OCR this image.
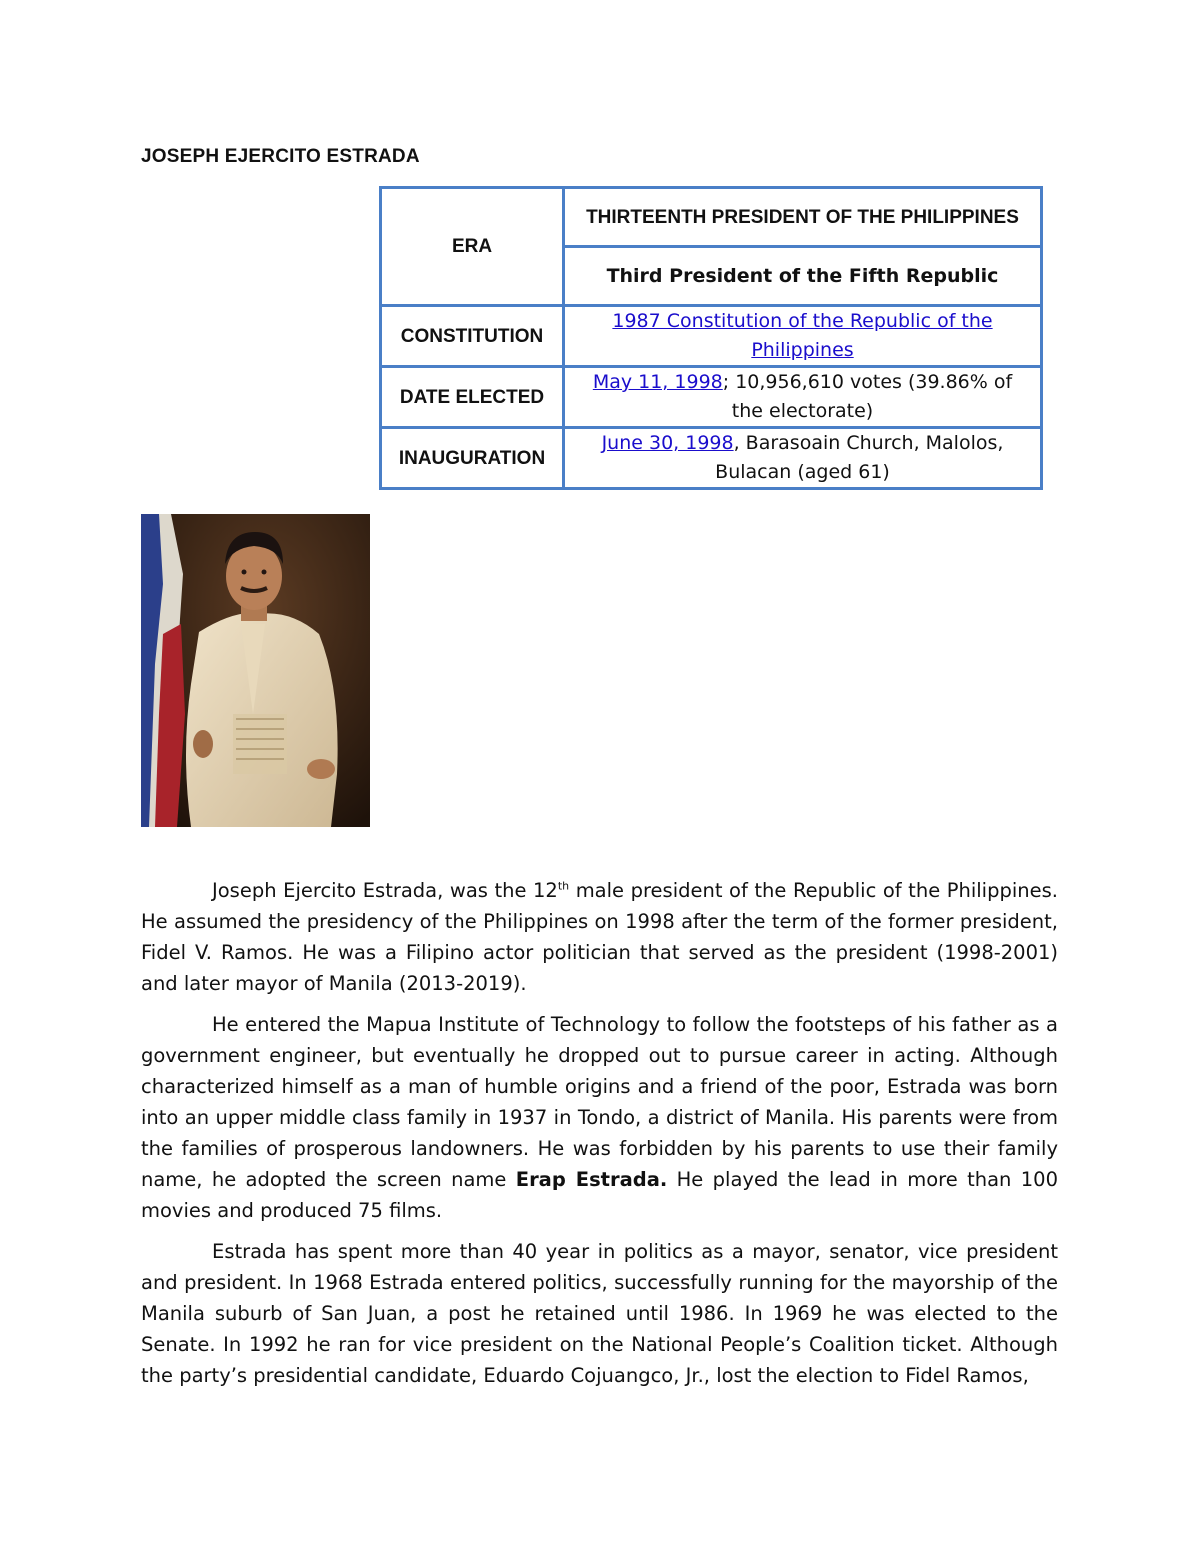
JOSEPH EJERCITO ESTRADA
ERA	THIRTEENTH PRESIDENT OF THE PHILIPPINES
	Third President of the Fifth Republic
CONSTITUTION	1987 Constitution of the Republic of the Philippines
DATE ELECTED	May 11, 1998; 10,956,610 votes (39.86% of the electorate)
INAUGURATION	June 30, 1998, Barasoain Church, Malolos, Bulacan (aged 61)

Joseph Ejercito Estrada, was the 12th male president of the Republic of the Philippines. He assumed the presidency of the Philippines on 1998 after the term of the former president, Fidel V. Ramos. He was a Filipino actor politician that served as the president (1998-2001) and later mayor of Manila (2013-2019).

He entered the Mapua Institute of Technology to follow the footsteps of his father as a government engineer, but eventually he dropped out to pursue career in acting. Although characterized himself as a man of humble origins and a friend of the poor, Estrada was born into an upper middle class family in 1937 in Tondo, a district of Manila. His parents were from the families of prosperous landowners. He was forbidden by his parents to use their family name, he adopted the screen name Erap Estrada. He played the lead in more than 100 movies and produced 75 films.

Estrada has spent more than 40 year in politics as a mayor, senator, vice president and president. In 1968 Estrada entered politics, successfully running for the mayorship of the Manila suburb of San Juan, a post he retained until 1986. In 1969 he was elected to the Senate. In 1992 he ran for vice president on the National People’s Coalition ticket. Although the party’s presidential candidate, Eduardo Cojuangco, Jr., lost the election to Fidel Ramos,
